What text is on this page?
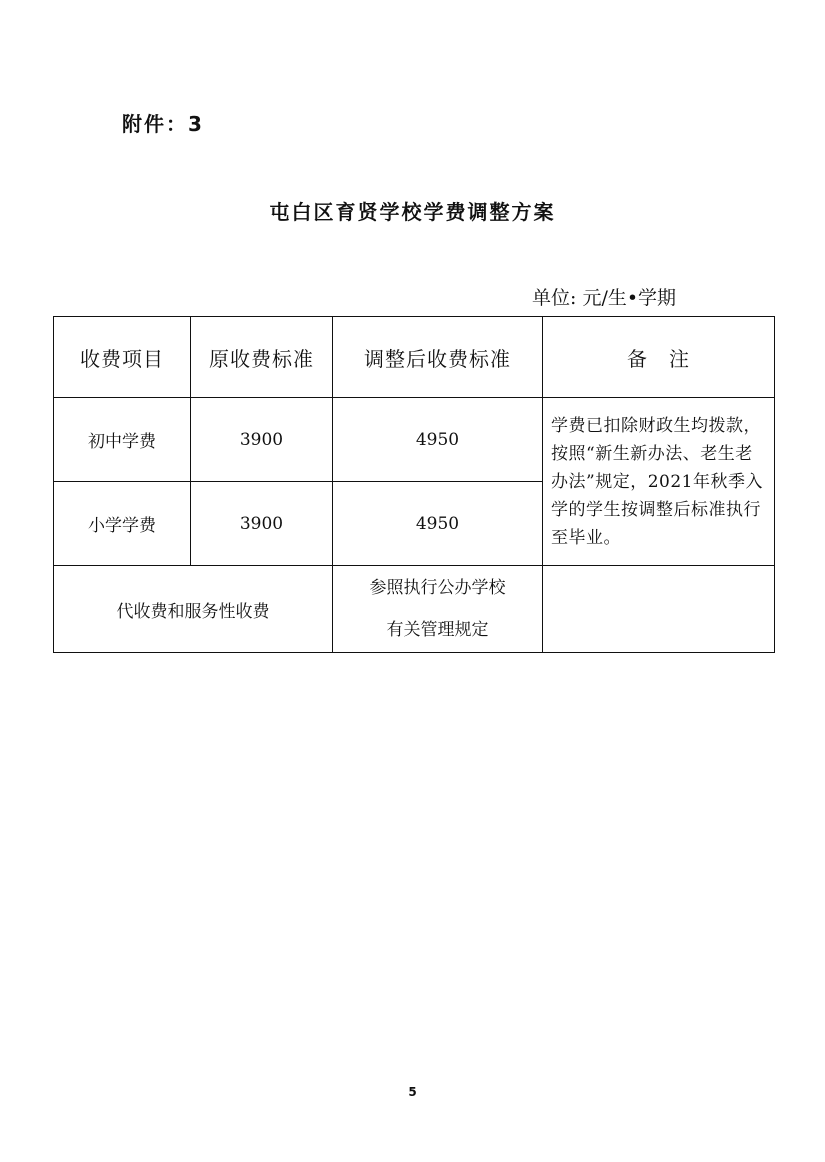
附件：3
屯白区育贤学校学费调整方案
单位: 元/生•学期
收费项目	原收费标准	调整后收费标准	备　注
初中学费	3900	4950	学费已扣除财政生均拨款，按照“新生新办法、老生老办法”规定，2021年秋季入学的学生按调整后标准执行至毕业。
小学学费	3900	4950	
代收费和服务性收费		参照执行公办学校
有关管理规定	

5
